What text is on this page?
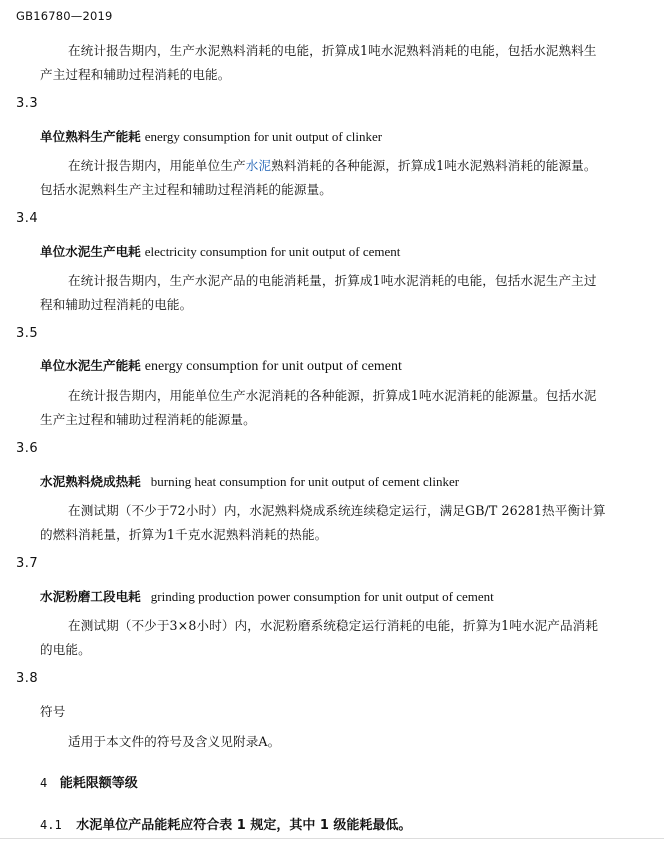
GB16780—2019
在统计报告期内，生产水泥熟料消耗的电能，折算成1吨水泥熟料消耗的电能，包括水泥熟料生
产主过程和辅助过程消耗的电能。
3.3
单位熟料生产能耗 energy consumption for unit output of clinker
在统计报告期内，用能单位生产水泥熟料消耗的各种能源，折算成1吨水泥熟料消耗的能源量。
包括水泥熟料生产主过程和辅助过程消耗的能源量。
3.4
单位水泥生产电耗 electricity consumption for unit output of cement
在统计报告期内，生产水泥产品的电能消耗量，折算成1吨水泥消耗的电能，包括水泥生产主过
程和辅助过程消耗的电能。
3.5
单位水泥生产能耗 energy consumption for unit output of cement
在统计报告期内，用能单位生产水泥消耗的各种能源，折算成1吨水泥消耗的能源量。包括水泥
生产主过程和辅助过程消耗的能源量。
3.6
水泥熟料烧成热耗 burning heat consumption for unit output of cement clinker
在测试期（不少于72小时）内，水泥熟料烧成系统连续稳定运行，满足GB/T 26281热平衡计算
的燃料消耗量，折算为1千克水泥熟料消耗的热能。
3.7
水泥粉磨工段电耗 grinding production power consumption for unit output of cement
在测试期（不少于3×8小时）内，水泥粉磨系统稳定运行消耗的电能，折算为1吨水泥产品消耗
的电能。
3.8
符号
适用于本文件的符号及含义见附录A。
4 能耗限额等级
4.1 水泥单位产品能耗应符合表 1 规定，其中 1 级能耗最低。
